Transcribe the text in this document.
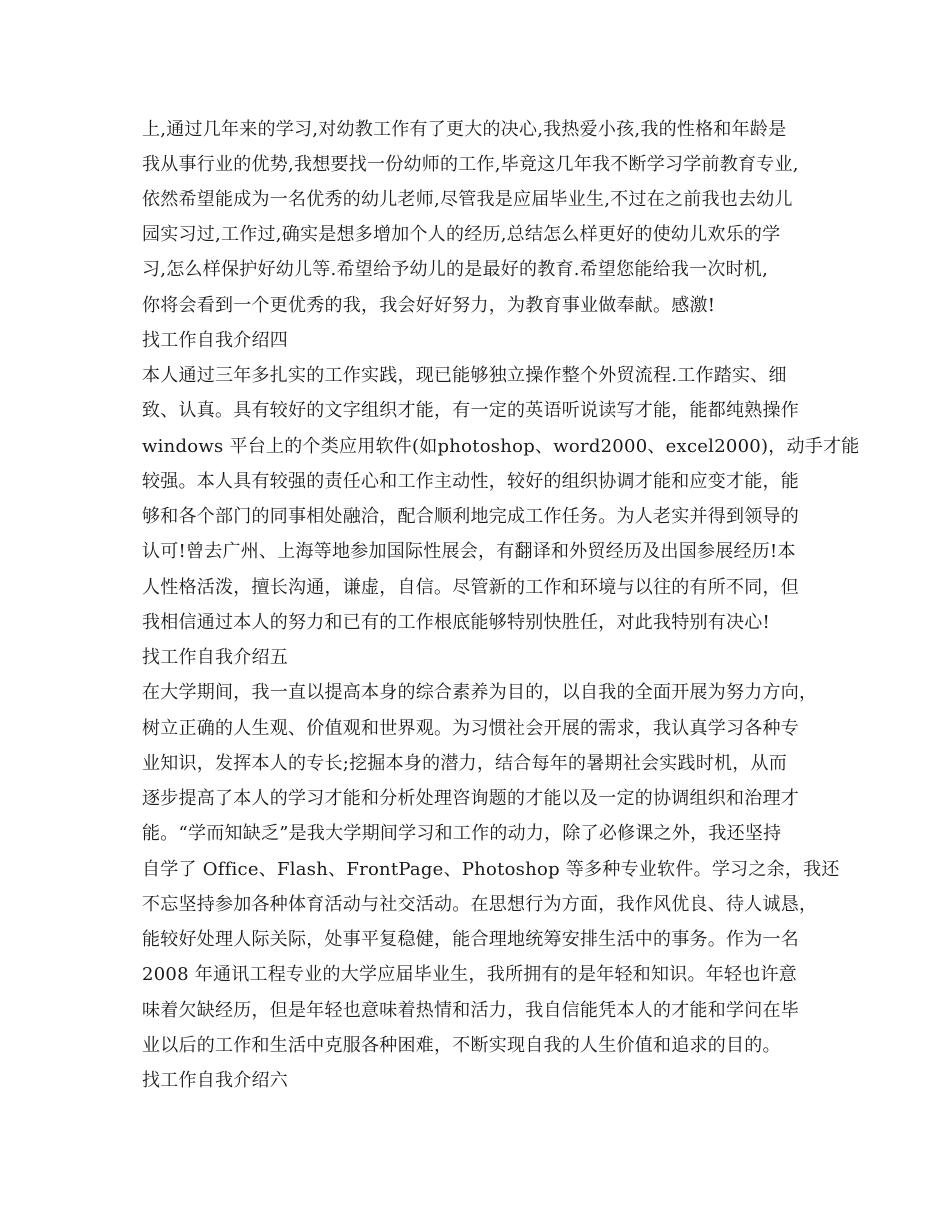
上,通过几年来的学习,对幼教工作有了更大的决心,我热爱小孩,我的性格和年龄是
我从事行业的优势,我想要找一份幼师的工作,毕竟这几年我不断学习学前教育专业,
依然希望能成为一名优秀的幼儿老师,尽管我是应届毕业生,不过在之前我也去幼儿
园实习过,工作过,确实是想多增加个人的经历,总结怎么样更好的使幼儿欢乐的学
习,怎么样保护好幼儿等.希望给予幼儿的是最好的教育.希望您能给我一次时机,
你将会看到一个更优秀的我，我会好好努力，为教育事业做奉献。感激!
找工作自我介绍四
本人通过三年多扎实的工作实践，现已能够独立操作整个外贸流程.工作踏实、细
致、认真。具有较好的文字组织才能，有一定的英语听说读写才能，能都纯熟操作
windows 平台上的个类应用软件(如photoshop、word2000、excel2000)，动手才能
较强。本人具有较强的责任心和工作主动性，较好的组织协调才能和应变才能，能
够和各个部门的同事相处融洽，配合顺利地完成工作任务。为人老实并得到领导的
认可!曾去广州、上海等地参加国际性展会，有翻译和外贸经历及出国参展经历!本
人性格活泼，擅长沟通，谦虚，自信。尽管新的工作和环境与以往的有所不同，但
我相信通过本人的努力和已有的工作根底能够特别快胜任，对此我特别有决心!
找工作自我介绍五
在大学期间，我一直以提高本身的综合素养为目的，以自我的全面开展为努力方向，
树立正确的人生观、价值观和世界观。为习惯社会开展的需求，我认真学习各种专
业知识，发挥本人的专长;挖掘本身的潜力，结合每年的暑期社会实践时机，从而
逐步提高了本人的学习才能和分析处理咨询题的才能以及一定的协调组织和治理才
能。“学而知缺乏”是我大学期间学习和工作的动力，除了必修课之外，我还坚持
自学了 Office、Flash、FrontPage、Photoshop 等多种专业软件。学习之余，我还
不忘坚持参加各种体育活动与社交活动。在思想行为方面，我作风优良、待人诚恳，
能较好处理人际关际，处事平复稳健，能合理地统筹安排生活中的事务。作为一名
2008 年通讯工程专业的大学应届毕业生，我所拥有的是年轻和知识。年轻也许意
味着欠缺经历，但是年轻也意味着热情和活力，我自信能凭本人的才能和学问在毕
业以后的工作和生活中克服各种困难，不断实现自我的人生价值和追求的目的。
找工作自我介绍六
